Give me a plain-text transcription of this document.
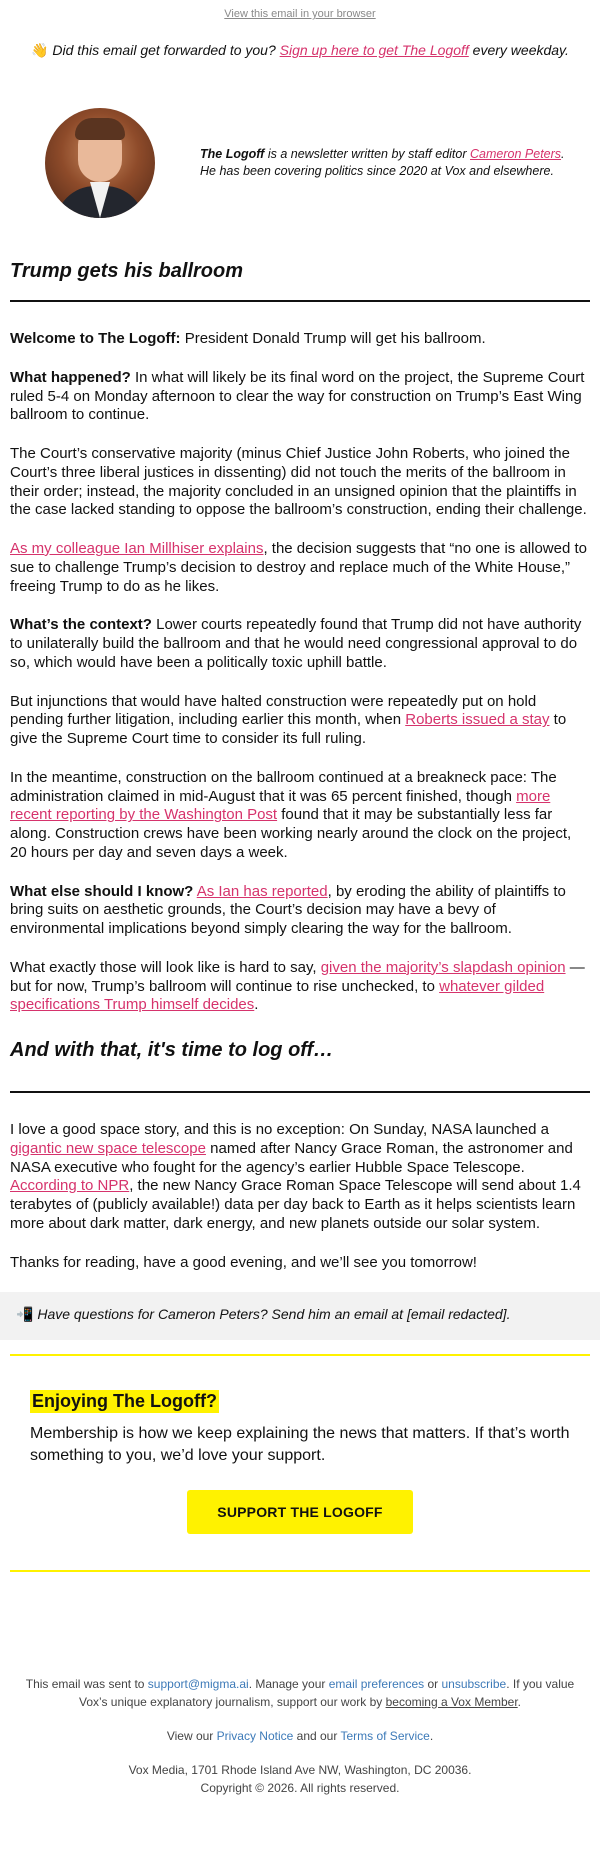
View this email in your browser
👋 Did this email get forwarded to you? Sign up here to get The Logoff every weekday.
The Logoff is a newsletter written by staff editor Cameron Peters. He has been covering politics since 2020 at Vox and elsewhere.
Trump gets his ballroom

Welcome to The Logoff: President Donald Trump will get his ballroom.

What happened? In what will likely be its final word on the project, the Supreme Court ruled 5-4 on Monday afternoon to clear the way for construction on Trump’s East Wing ballroom to continue.

The Court’s conservative majority (minus Chief Justice John Roberts, who joined the Court’s three liberal justices in dissenting) did not touch the merits of the ballroom in their order; instead, the majority concluded in an unsigned opinion that the plaintiffs in the case lacked standing to oppose the ballroom’s construction, ending their challenge.

As my colleague Ian Millhiser explains, the decision suggests that “no one is allowed to sue to challenge Trump’s decision to destroy and replace much of the White House,” freeing Trump to do as he likes.

What’s the context? Lower courts repeatedly found that Trump did not have authority to unilaterally build the ballroom and that he would need congressional approval to do so, which would have been a politically toxic uphill battle.

But injunctions that would have halted construction were repeatedly put on hold pending further litigation, including earlier this month, when Roberts issued a stay to give the Supreme Court time to consider its full ruling.

In the meantime, construction on the ballroom continued at a breakneck pace: The administration claimed in mid-August that it was 65 percent finished, though more recent reporting by the Washington Post found that it may be substantially less far along. Construction crews have been working nearly around the clock on the project, 20 hours per day and seven days a week.

What else should I know? As Ian has reported, by eroding the ability of plaintiffs to bring suits on aesthetic grounds, the Court’s decision may have a bevy of environmental implications beyond simply clearing the way for the ballroom.

What exactly those will look like is hard to say, given the majority’s slapdash opinion — but for now, Trump’s ballroom will continue to rise unchecked, to whatever gilded specifications Trump himself decides.

And with that, it's time to log off…

I love a good space story, and this is no exception: On Sunday, NASA launched a gigantic new space telescope named after Nancy Grace Roman, the astronomer and NASA executive who fought for the agency’s earlier Hubble Space Telescope. According to NPR, the new Nancy Grace Roman Space Telescope will send about 1.4 terabytes of (publicly available!) data per day back to Earth as it helps scientists learn more about dark matter, dark energy, and new planets outside our solar system.

Thanks for reading, have a good evening, and we’ll see you tomorrow!

📲 Have questions for Cameron Peters? Send him an email at [email redacted].
Enjoying The Logoff?

Membership is how we keep explaining the news that matters. If that’s worth something to you, we’d love your support.

SUPPORT THE LOGOFF

This email was sent to support@migma.ai. Manage your email preferences or unsubscribe. If you value Vox’s unique explanatory journalism, support our work by becoming a Vox Member.

View our Privacy Notice and our Terms of Service.

Vox Media, 1701 Rhode Island Ave NW, Washington, DC 20036.

Copyright © 2026. All rights reserved.
